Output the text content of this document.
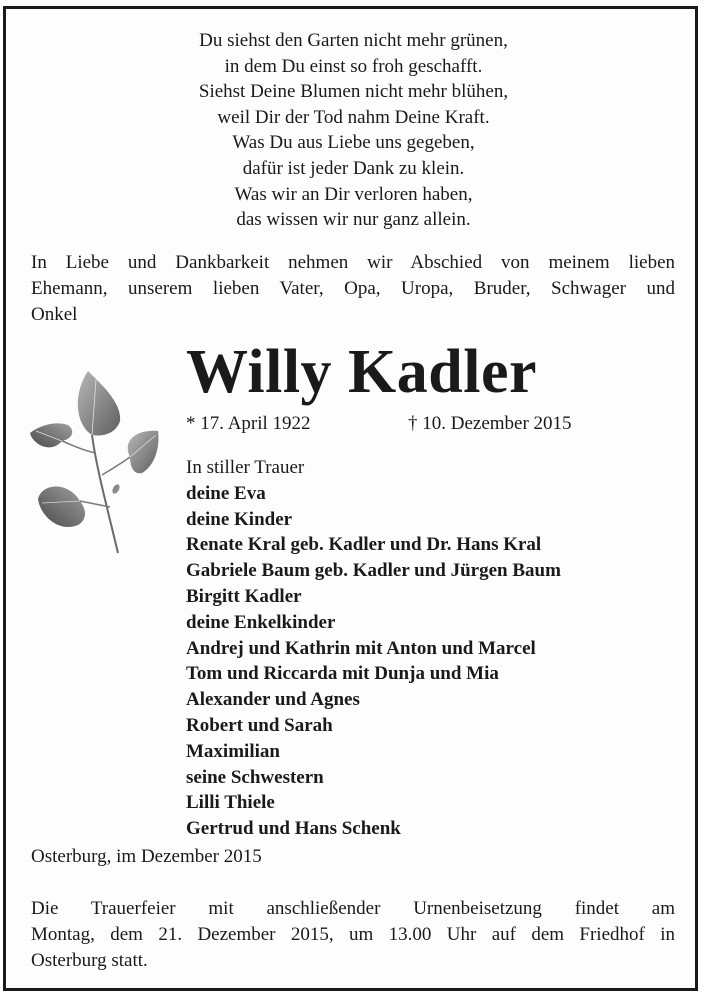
Du siehst den Garten nicht mehr grünen,
in dem Du einst so froh geschafft.
Siehst Deine Blumen nicht mehr blühen,
weil Dir der Tod nahm Deine Kraft.
Was Du aus Liebe uns gegeben,
dafür ist jeder Dank zu klein.
Was wir an Dir verloren haben,
das wissen wir nur ganz allein.
In Liebe und Dankbarkeit nehmen wir Abschied von meinem lieben
Ehemann, unserem lieben Vater, Opa, Uropa, Bruder, Schwager und
Onkel
Willy Kadler
* 17. April 1922	† 10. Dezember 2015
In stiller Trauer
deine Eva
deine Kinder
Renate Kral geb. Kadler und Dr. Hans Kral
Gabriele Baum geb. Kadler und Jürgen Baum
Birgitt Kadler
deine Enkelkinder
Andrej und Kathrin mit Anton und Marcel
Tom und Riccarda mit Dunja und Mia
Alexander und Agnes
Robert und Sarah
Maximilian
seine Schwestern
Lilli Thiele
Gertrud und Hans Schenk
Osterburg, im Dezember 2015
Die Trauerfeier mit anschließender Urnenbeisetzung findet am
Montag, dem 21. Dezember 2015, um 13.00 Uhr auf dem Friedhof in
Osterburg statt.
